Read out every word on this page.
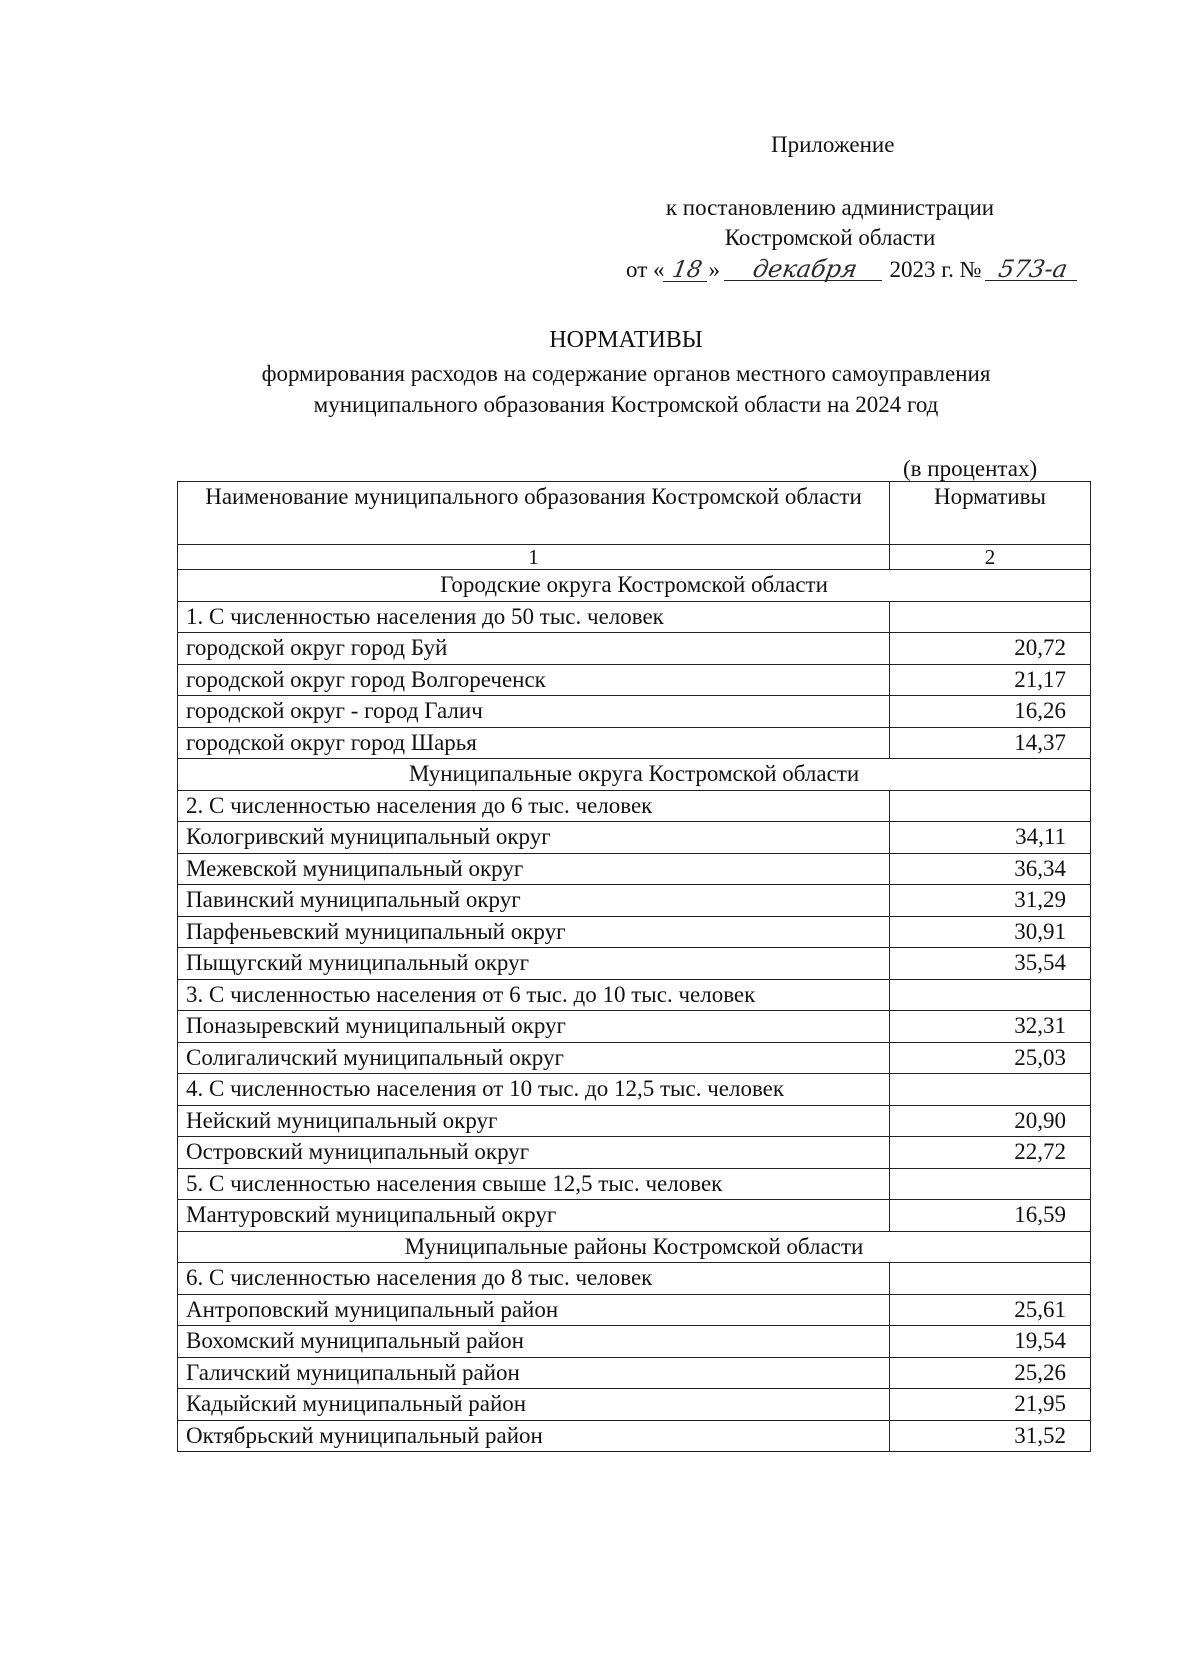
Приложение
к постановлению администрации
Костромской области
от « 18 » декабря 2023 г. № 573-а
НОРМАТИВЫ
формирования расходов на содержание органов местного самоуправления
муниципального образования Костромской области на 2024 год
(в процентах)
Наименование муниципального образования Костромской области	Нормативы
1	2
Городские округа Костромской области	
1. С численностью населения до 50 тыс. человек	
городской округ город Буй	20,72
городской округ город Волгореченск	21,17
городской округ - город Галич	16,26
городской округ город Шарья	14,37
Муниципальные округа Костромской области	
2. С численностью населения до 6 тыс. человек	
Кологривский муниципальный округ	34,11
Межевской муниципальный округ	36,34
Павинский муниципальный округ	31,29
Парфеньевский муниципальный округ	30,91
Пыщугский муниципальный округ	35,54
3. С численностью населения от 6 тыс. до 10 тыс. человек	
Поназыревский муниципальный округ	32,31
Солигаличский муниципальный округ	25,03
4. С численностью населения от 10 тыс. до 12,5 тыс. человек	
Нейский муниципальный округ	20,90
Островский муниципальный округ	22,72
5. С численностью населения свыше 12,5 тыс. человек	
Мантуровский муниципальный округ	16,59
Муниципальные районы Костромской области	
6. С численностью населения до 8 тыс. человек	
Антроповский муниципальный район	25,61
Вохомский муниципальный район	19,54
Галичский муниципальный район	25,26
Кадыйский муниципальный район	21,95
Октябрьский муниципальный район	31,52
